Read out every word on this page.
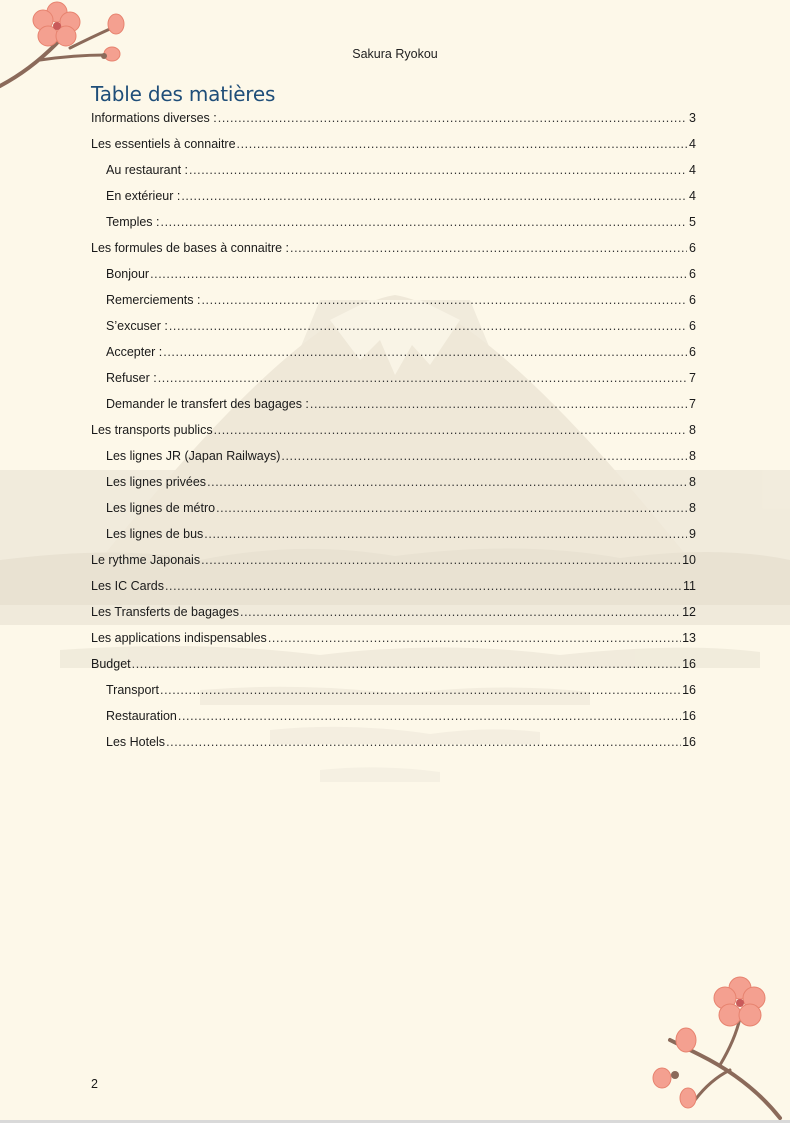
Sakura Ryokou
Table des matières
Informations diverses : .....	3
Les essentiels à connaitre .....	4
Au restaurant : .....	4
En extérieur : .....	4
Temples : .....	5
Les formules de bases à connaitre : .....	6
Bonjour .....	6
Remerciements : .....	6
S’excuser : .....	6
Accepter : .....	6
Refuser : .....	7
Demander le transfert des bagages : .....	7
Les transports publics .....	8
Les lignes JR (Japan Railways) .....	8
Les lignes privées .....	8
Les lignes de métro .....	8
Les lignes de bus .....	9
Le rythme Japonais .....	10
Les IC Cards .....	11
Les Transferts de bagages .....	12
Les applications indispensables .....	13
Budget .....	16
Transport .....	16
Restauration .....	16
Les Hotels .....	16
2
